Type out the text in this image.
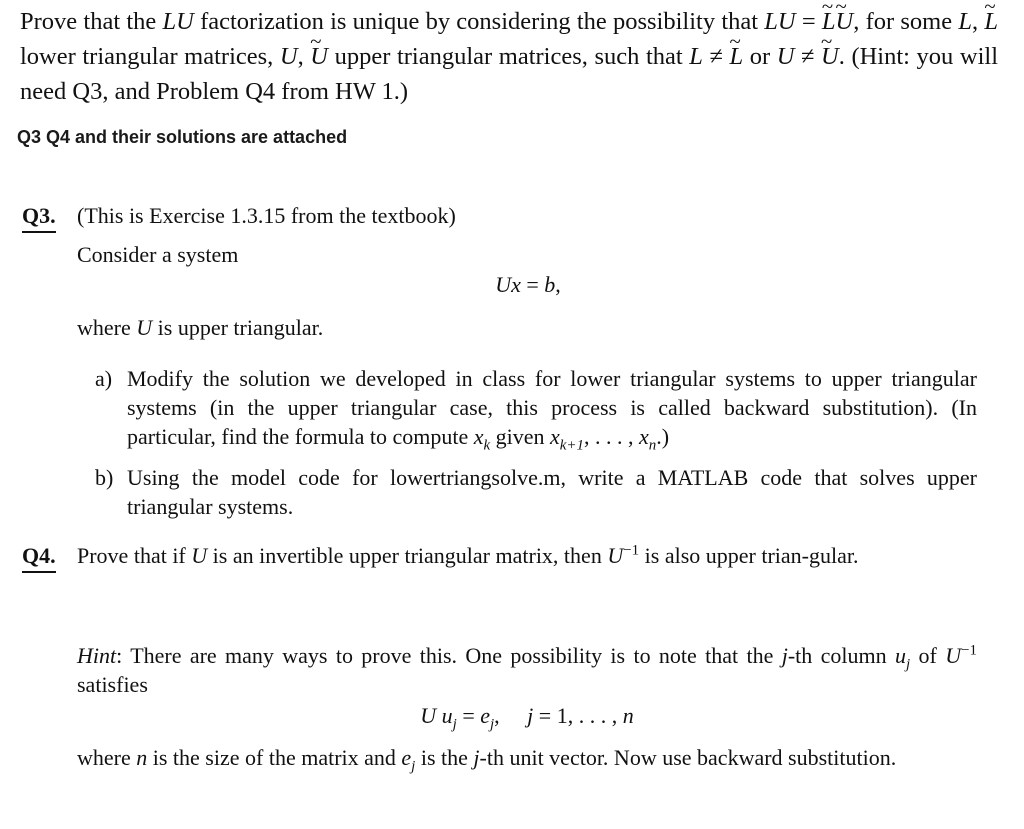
Prove that the LU factorization is unique by considering the possibility that LU = ~ L~ U, for some L, ~ L lower triangular matrices, U, ~ U upper triangular matrices, such that L ≠ ~ L or U ≠ ~ U. (Hint: you will need Q3, and Problem Q4 from HW 1.)
Q3 Q4 and their solutions are attached
Q3. (This is Exercise 1.3.15 from the textbook)
Consider a system
Ux = b,
where U is upper triangular.
a) Modify the solution we developed in class for lower triangular systems to upper triangular systems (in the upper triangular case, this process is called backward substitution). (In particular, find the formula to compute $x_k$ given $x_{k+1}$, . . . , $x_n$.)
b) Using the model code for lowertriangsolve.m, write a MATLAB code that solves upper triangular systems.
Q4. Prove that if U is an invertible upper triangular matrix, then $U^{-1}$ is also upper trian-gular.
Hint: There are many ways to prove this. One possibility is to note that the j-th column $u_j$ of $U^{-1}$ satisfies
U $u_j = e_j$,     j = 1, . . . , n
where n is the size of the matrix and $e_j$ is the j-th unit vector. Now use backward substitution.
